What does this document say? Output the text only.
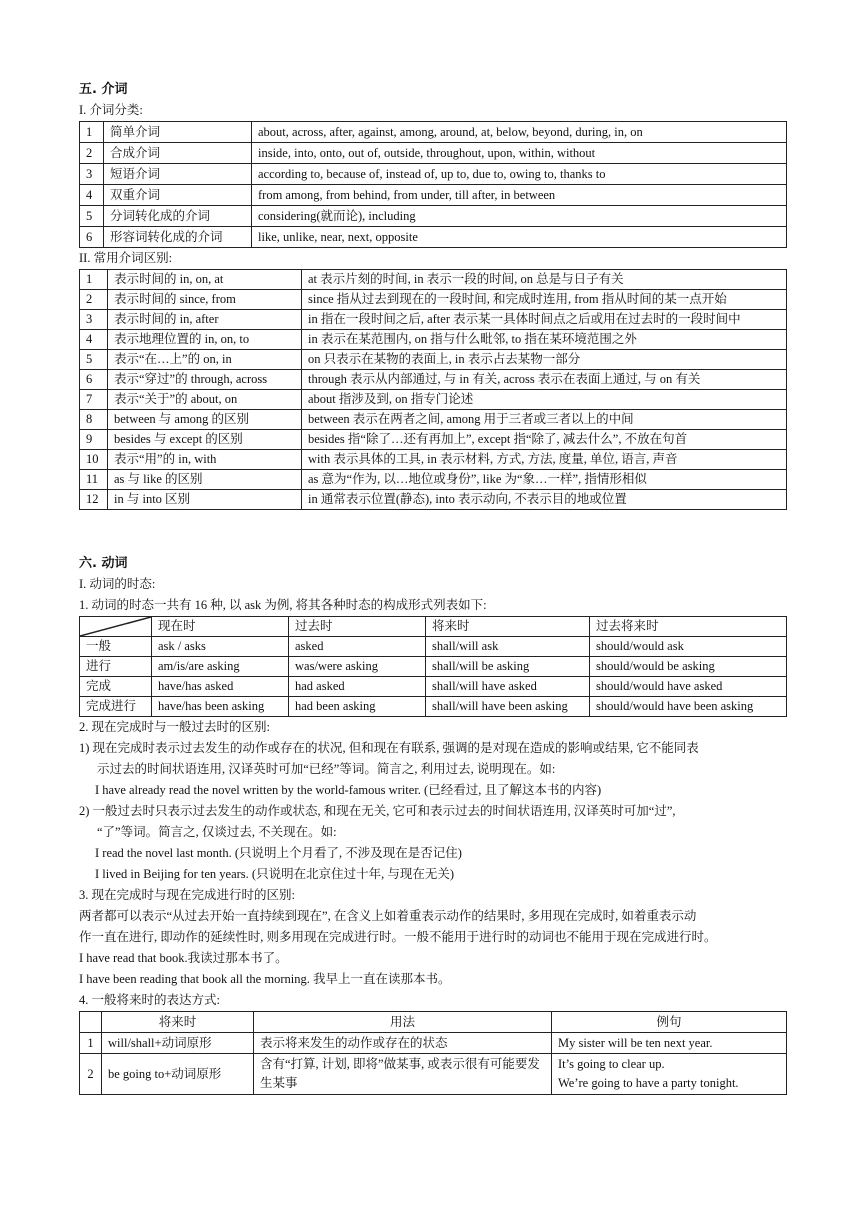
五. 介词
I. 介词分类:
1	简单介词	about, across, after, against, among, around, at, below, beyond, during, in, on
2	合成介词	inside, into, onto, out of, outside, throughout, upon, within, without
3	短语介词	according to, because of, instead of, up to, due to, owing to, thanks to
4	双重介词	from among, from behind, from under, till after, in between
5	分词转化成的介词	considering(就而论), including
6	形容词转化成的介词	like, unlike, near, next, opposite
II. 常用介词区别:
1	表示时间的 in, on, at	at 表示片刻的时间, in 表示一段的时间, on 总是与日子有关
2	表示时间的 since, from	since 指从过去到现在的一段时间, 和完成时连用, from 指从时间的某一点开始
3	表示时间的 in, after	in 指在一段时间之后, after 表示某一具体时间点之后或用在过去时的一段时间中
4	表示地理位置的 in, on, to	in 表示在某范围内, on 指与什么毗邻, to 指在某环境范围之外
5	表示“在…上”的 on, in	on 只表示在某物的表面上, in 表示占去某物一部分
6	表示“穿过”的 through, across	through 表示从内部通过, 与 in 有关, across 表示在表面上通过, 与 on 有关
7	表示“关于”的 about, on	about 指涉及到, on 指专门论述
8	between 与 among 的区别	between 表示在两者之间, among 用于三者或三者以上的中间
9	besides 与 except 的区别	besides 指“除了…还有再加上”, except 指“除了, 减去什么”, 不放在句首
10	表示“用”的 in, with	with 表示具体的工具, in 表示材料, 方式, 方法, 度量, 单位, 语言, 声音
11	as 与 like 的区别	as 意为“作为, 以…地位或身份”, like 为“象…一样”, 指情形相似
12	in 与 into 区别	in 通常表示位置(静态), into 表示动向, 不表示目的地或位置
六. 动词
I. 动词的时态:
1. 动词的时态一共有 16 种, 以 ask 为例, 将其各种时态的构成形式列表如下:
	现在时	过去时	将来时	过去将来时
一般	ask / asks	asked	shall/will ask	should/would ask
进行	am/is/are asking	was/were asking	shall/will be asking	should/would be asking
完成	have/has asked	had asked	shall/will have asked	should/would have asked
完成进行	have/has been asking	had been asking	shall/will have been asking	should/would have been asking
2. 现在完成时与一般过去时的区别:
1) 现在完成时表示过去发生的动作或存在的状况, 但和现在有联系, 强调的是对现在造成的影响或结果, 它不能同表
示过去的时间状语连用, 汉译英时可加“已经”等词。简言之, 利用过去, 说明现在。如:
I have already read the novel written by the world-famous writer. (已经看过, 且了解这本书的内容)
2) 一般过去时只表示过去发生的动作或状态, 和现在无关, 它可和表示过去的时间状语连用, 汉译英时可加“过”,
“了”等词。简言之, 仅谈过去, 不关现在。如:
I read the novel last month. (只说明上个月看了, 不涉及现在是否记住)
I lived in Beijing for ten years. (只说明在北京住过十年, 与现在无关)
3. 现在完成时与现在完成进行时的区别:
两者都可以表示“从过去开始一直持续到现在”, 在含义上如着重表示动作的结果时, 多用现在完成时, 如着重表示动
作一直在进行, 即动作的延续性时, 则多用现在完成进行时。一般不能用于进行时的动词也不能用于现在完成进行时。
I have read that book.我读过那本书了。
I have been reading that book all the morning. 我早上一直在读那本书。
4. 一般将来时的表达方式:
	将来时	用法	例句
1	will/shall+动词原形	表示将来发生的动作或存在的状态	My sister will be ten next year.

2	be going to+动词原形	含有“打算, 计划, 即将”做某事, 或表示很有可能要发生某事	It’s going to clear up.
We’re going to have a party tonight.
